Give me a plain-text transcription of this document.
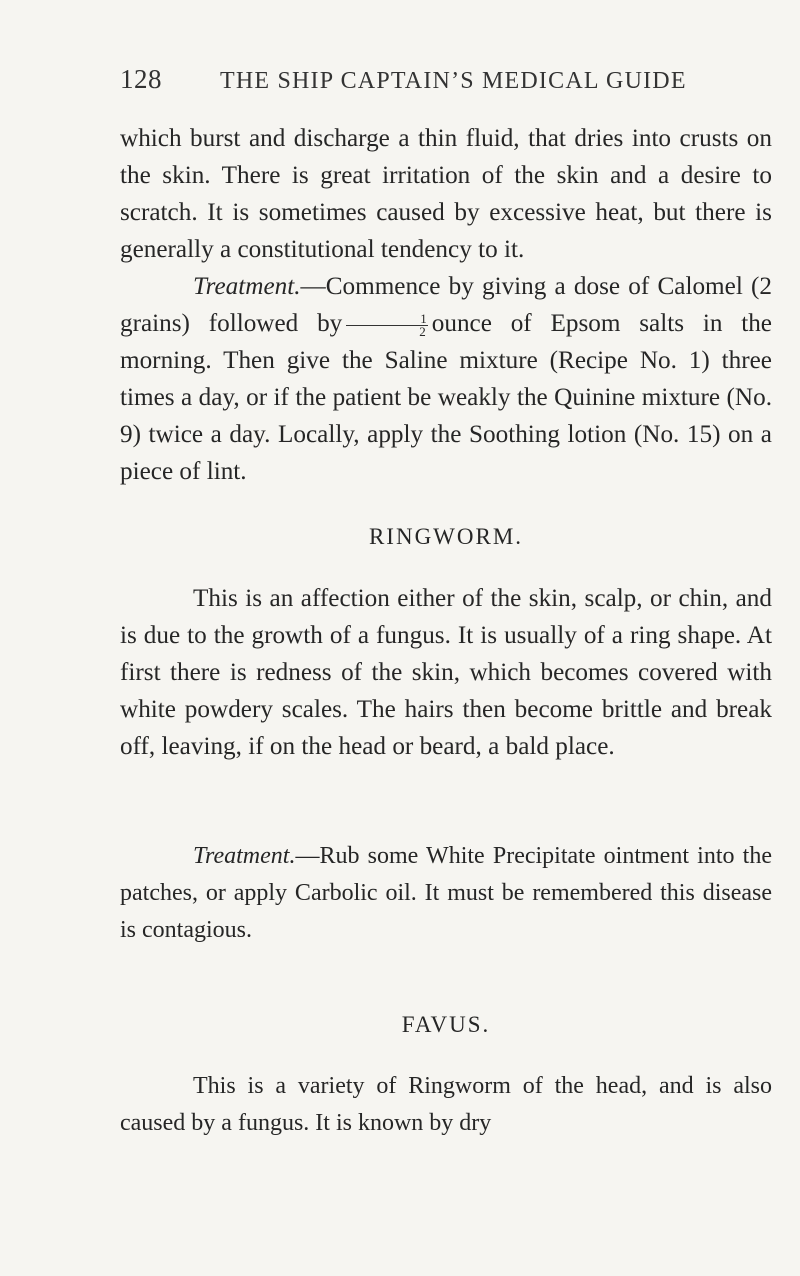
128 THE SHIP CAPTAIN’S MEDICAL GUIDE

which burst and discharge a thin fluid, that dries into crusts on the skin. There is great irritation of the skin and a desire to scratch. It is sometimes caused by excessive heat, but there is generally a constitutional tendency to it.

Treatment.—Commence by giving a dose of Calomel (2 grains) followed by $\frac{1}{2}$ ounce of Epsom salts in the morning. Then give the Saline mixture (Recipe No. 1) three times a day, or if the patient be weakly the Quinine mixture (No. 9) twice a day. Locally, apply the Soothing lotion (No. 15) on a piece of lint.

RINGWORM.

This is an affection either of the skin, scalp, or chin, and is due to the growth of a fungus. It is usually of a ring shape. At first there is redness of the skin, which becomes covered with white powdery scales. The hairs then become brittle and break off, leaving, if on the head or beard, a bald place.

Treatment.—Rub some White Precipitate ointment into the patches, or apply Carbolic oil. It must be remembered this disease is contagious.

FAVUS.

This is a variety of Ringworm of the head, and is also caused by a fungus. It is known by dry
